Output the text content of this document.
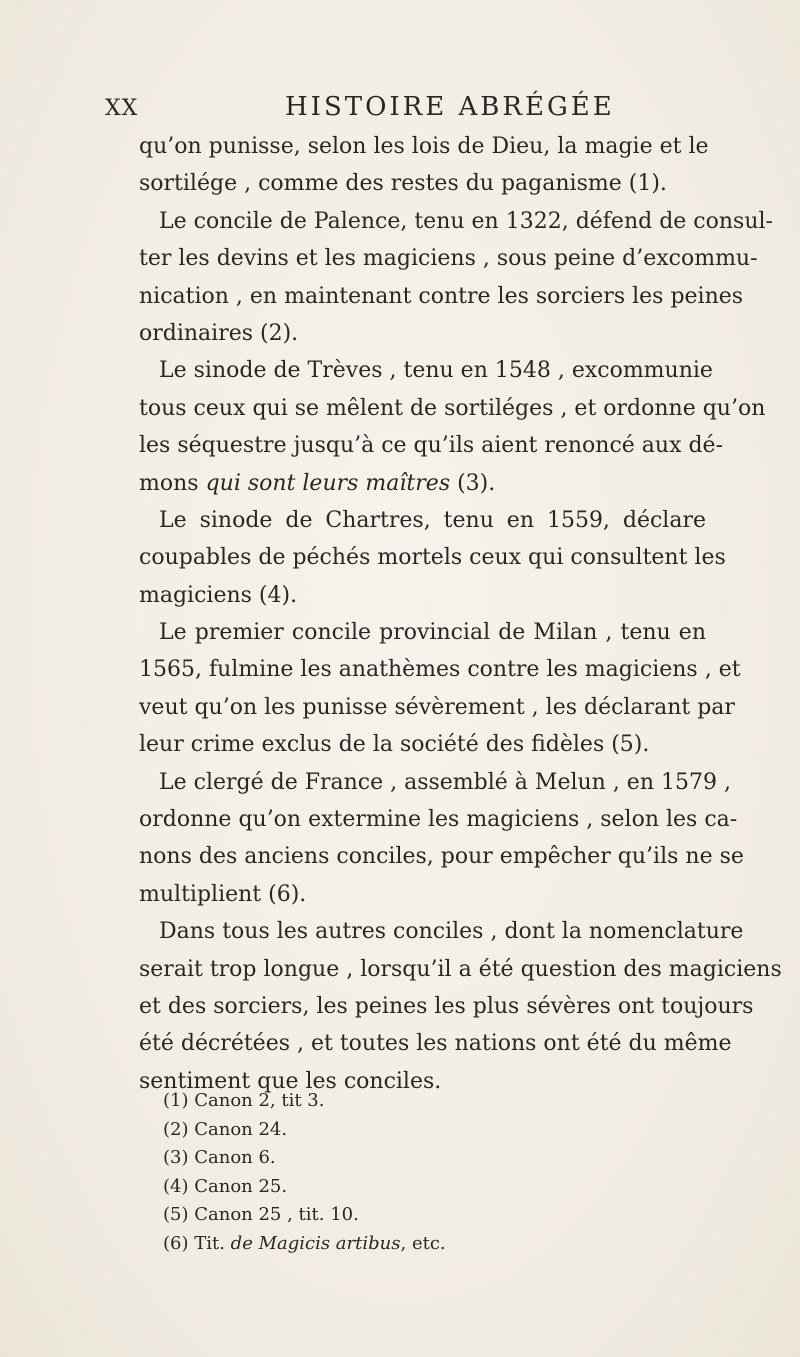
XX	HISTOIRE ABRÉGÉE
qu’on punisse, selon les lois de Dieu, la magie et le
sortilége , comme des restes du paganisme (1).
Le concile de Palence, tenu en 1322, défend de consul-
ter les devins et les magiciens , sous peine d’excommu-
nication , en maintenant contre les sorciers les peines
ordinaires (2).
Le sinode de Trèves , tenu en 1548 , excommunie
tous ceux qui se mêlent de sortiléges , et ordonne qu’on
les séquestre jusqu’à ce qu’ils aient renoncé aux dé-
mons qui sont leurs maîtres (3).
Le sinode de Chartres, tenu en 1559, déclare
coupables de péchés mortels ceux qui consultent les
magiciens (4).
Le premier concile provincial de Milan , tenu en
1565, fulmine les anathèmes contre les magiciens , et
veut qu’on les punisse sévèrement , les déclarant par
leur crime exclus de la société des fidèles (5).
Le clergé de France , assemblé à Melun , en 1579 ,
ordonne qu’on extermine les magiciens , selon les ca-
nons des anciens conciles, pour empêcher qu’ils ne se
multiplient (6).
Dans tous les autres conciles , dont la nomenclature
serait trop longue , lorsqu’il a été question des magiciens
et des sorciers, les peines les plus sévères ont toujours
été décrétées , et toutes les nations ont été du même
sentiment que les conciles.
(1) Canon 2, tit 3.
(2) Canon 24.
(3) Canon 6.
(4) Canon 25.
(5) Canon 25 , tit. 10.
(6) Tit. de Magicis artibus, etc.
